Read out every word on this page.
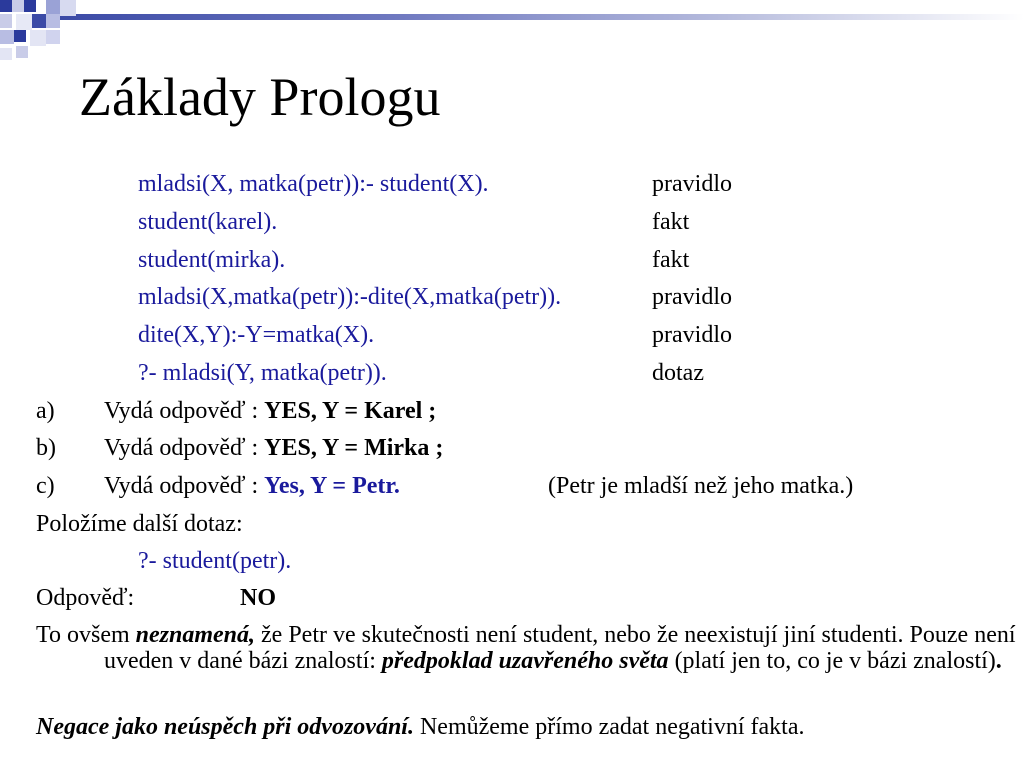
Základy Prologu
mladsi(X, matka(petr)):- student(X).	pravidlo
student(karel).	fakt
student(mirka).	fakt
mladsi(X,matka(petr)):-dite(X,matka(petr)).	pravidlo
dite(X,Y):-Y=matka(X).	pravidlo
?- mladsi(Y, matka(petr)).	dotaz
a) Vydá odpověď : YES, Y = Karel ;
b) Vydá odpověď : YES, Y = Mirka ;
c) Vydá odpověď : Yes, Y = Petr.	(Petr je mladší než jeho matka.)
Položíme další dotaz:
?- student(petr).
Odpověď:	NO
To ovšem neznamená, že Petr ve skutečnosti není student, nebo že neexistují jiní studenti. Pouze není uveden v dané bázi znalostí: předpoklad uzavřeného světa (platí jen to, co je v bázi znalostí).
Negace jako neúspěch při odvozování. Nemůžeme přímo zadat negativní fakta.
